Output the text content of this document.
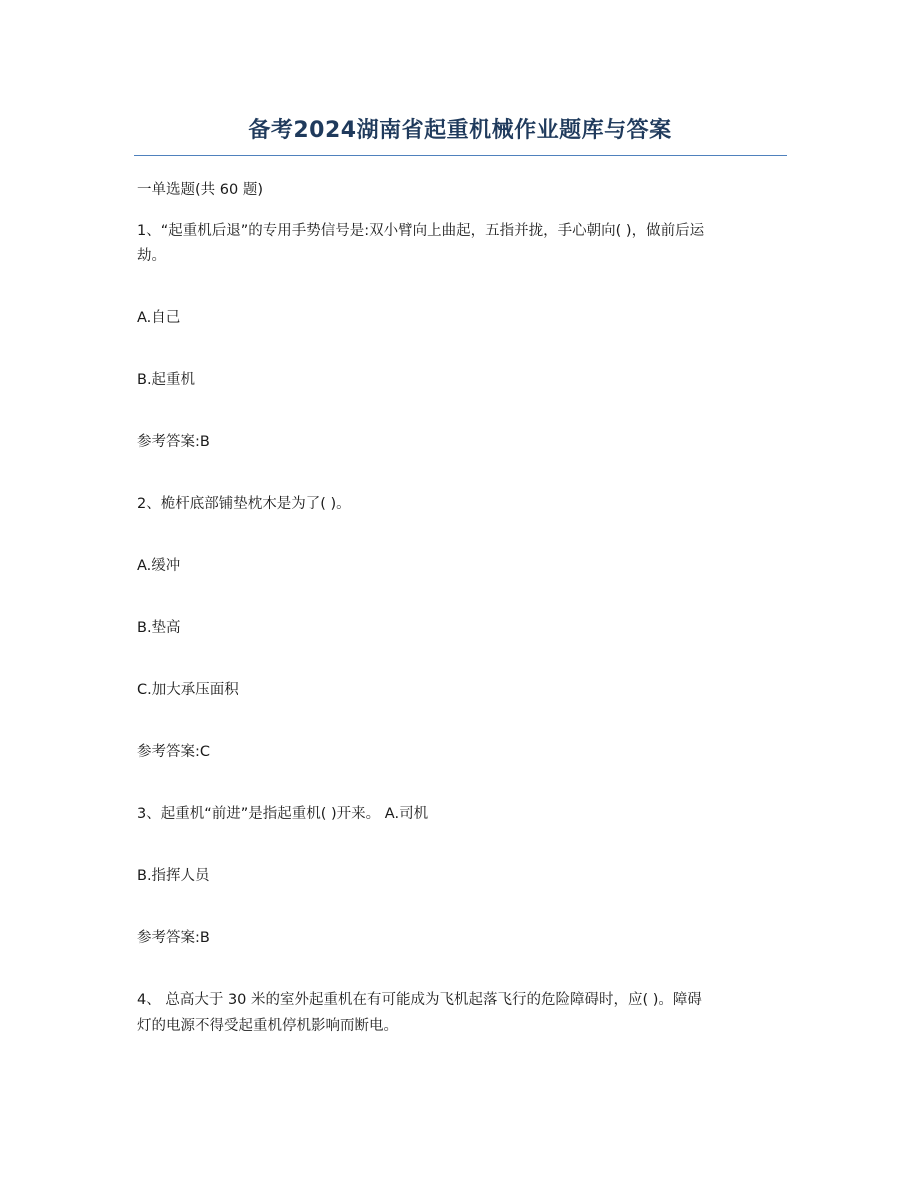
备考2024湖南省起重机械作业题库与答案
一单选题(共 60 题)
1、“起重机后退”的专用手势信号是:双小臂向上曲起，五指并拢，手心朝向( )，做前后运
劫。
A.自己
B.起重机
参考答案:B
2、桅杆底部铺垫枕木是为了( )。
A.缓冲
B.垫高
C.加大承压面积
参考答案:C
3、起重机“前进”是指起重机( )开来。 A.司机
B.指挥人员
参考答案:B
4、 总高大于 30 米的室外起重机在有可能成为飞机起落飞行的危险障碍时，应( )。障碍
灯的电源不得受起重机停机影响而断电。
